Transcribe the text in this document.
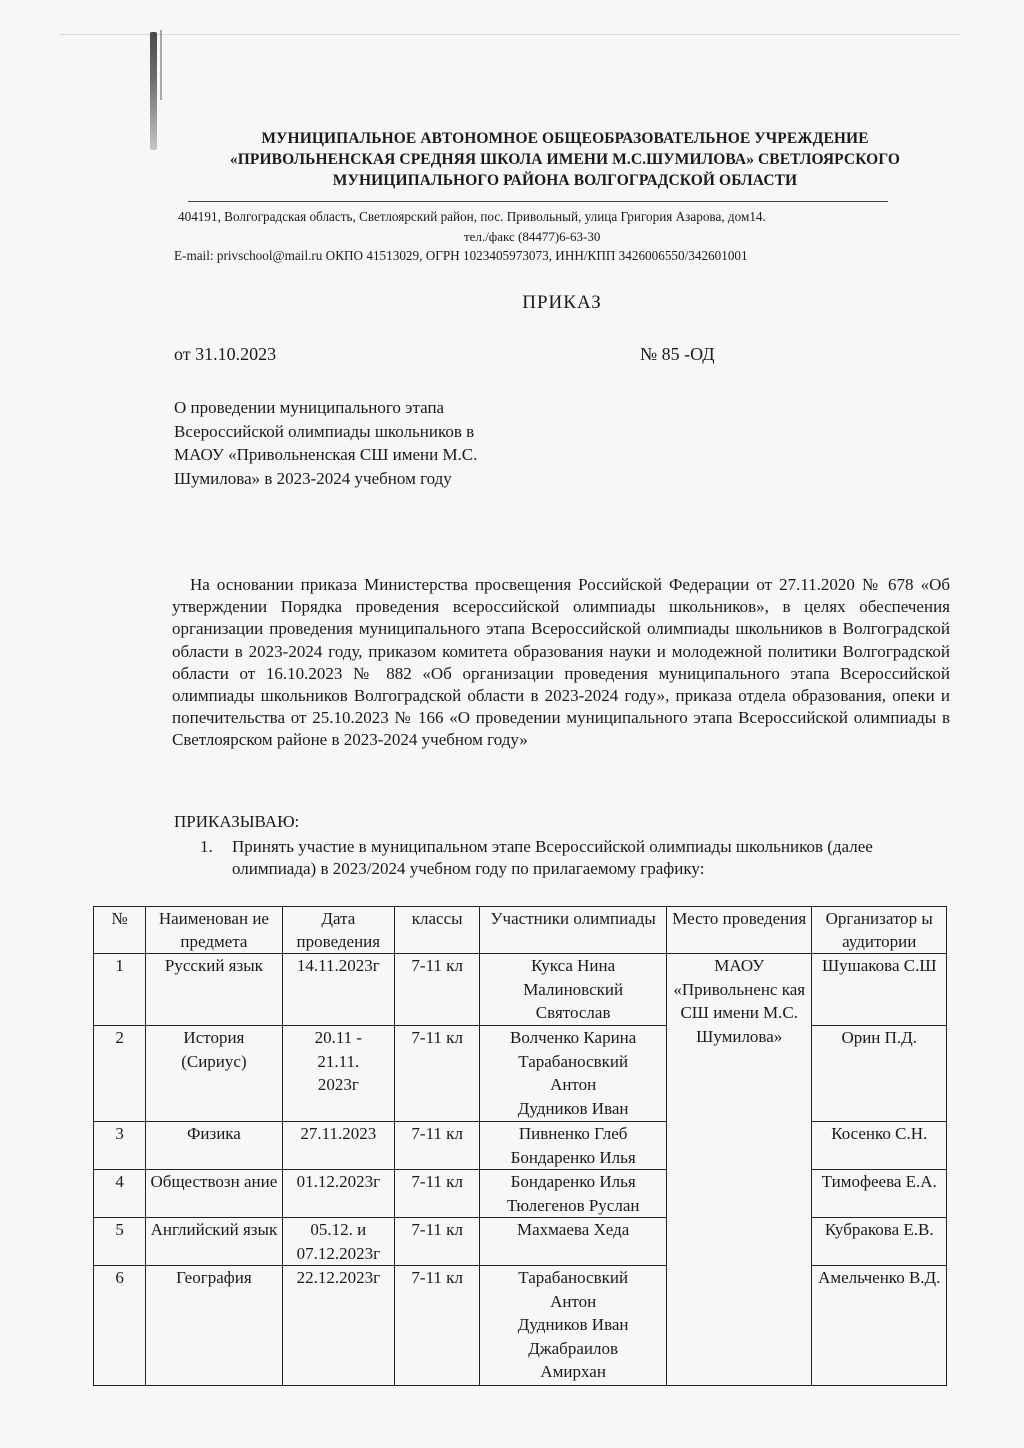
МУНИЦИПАЛЬНОЕ АВТОНОМНОЕ ОБЩЕОБРАЗОВАТЕЛЬНОЕ УЧРЕЖДЕНИЕ
«ПРИВОЛЬНЕНСКАЯ СРЕДНЯЯ ШКОЛА ИМЕНИ М.С.ШУМИЛОВА» СВЕТЛОЯРСКОГО
МУНИЦИПАЛЬНОГО РАЙОНА ВОЛГОГРАДСКОЙ ОБЛАСТИ
404191, Волгоградская область, Светлоярский район, пос. Привольный, улица Григория Азарова, дом14.
тел./факс (84477)6-63-30
E-mail: privschool@mail.ru ОКПО 41513029, ОГРН 1023405973073, ИНН/КПП 3426006550/342601001
ПРИКАЗ
от 31.10.2023	№ 85 -ОД
О проведении муниципального этапа Всероссийской олимпиады школьников в МАОУ «Привольненская СШ имени М.С. Шумилова» в 2023-2024 учебном году
На основании приказа Министерства просвещения Российской Федерации от 27.11.2020 № 678 «Об утверждении Порядка проведения всероссийской олимпиады школьников», в целях обеспечения организации проведения муниципального этапа Всероссийской олимпиады школьников в Волгоградской области в 2023-2024 году, приказом комитета образования науки и молодежной политики Волгоградской области от 16.10.2023 № 882 «Об организации проведения муниципального этапа Всероссийской олимпиады школьников Волгоградской области в 2023-2024 году», приказа отдела образования, опеки и попечительства от 25.10.2023 № 166 «О проведении муниципального этапа Всероссийской олимпиады в Светлоярском районе в 2023-2024 учебном году»
ПРИКАЗЫВАЮ:
1. Принять участие в муниципальном этапе Всероссийской олимпиады школьников (далее олимпиада) в 2023/2024 учебном году по прилагаемому графику:
№	Наименован ие предмета	Дата проведения	классы	Участники олимпиады	Место проведения	Организатор ы аудитории
1	Русский язык	14.11.2023г	7-11 кл	Кукса Нина
Малиновский
Святослав	МАОУ «Привольненс кая СШ имени М.С. Шумилова»	Шушакова С.Ш
2	История (Сириус)	20.11 -
21.11.
2023г	7-11 кл	Волченко Карина
Тарабаносвкий
Антон
Дудников Иван		Орин П.Д.
3	Физика	27.11.2023	7-11 кл	Пивненко Глеб
Бондаренко Илья		Косенко С.Н.
4	Обществозн ание	01.12.2023г	7-11 кл	Бондаренко Илья
Тюлегенов Руслан		Тимофеева Е.А.
5	Английский язык	05.12. и
07.12.2023г	7-11 кл	Махмаева Хеда		Кубракова Е.В.
6	География	22.12.2023г	7-11 кл	Тарабаносвкий
Антон
Дудников Иван
Джабраилов
Амирхан		Амельченко В.Д.
